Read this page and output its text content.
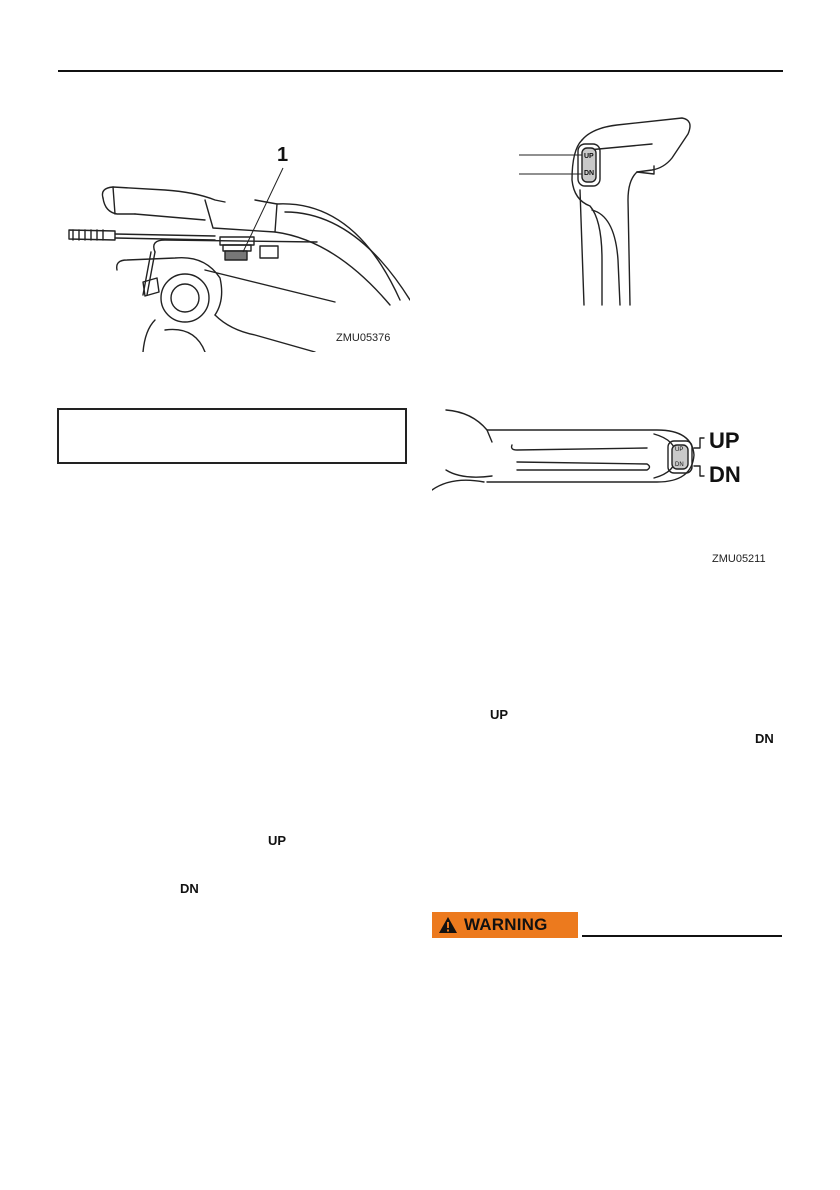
1
ZMU05376
UP
DN
UP
DN
UP
DN
ZMU05211
UP
DN
UP
DN
WARNING
